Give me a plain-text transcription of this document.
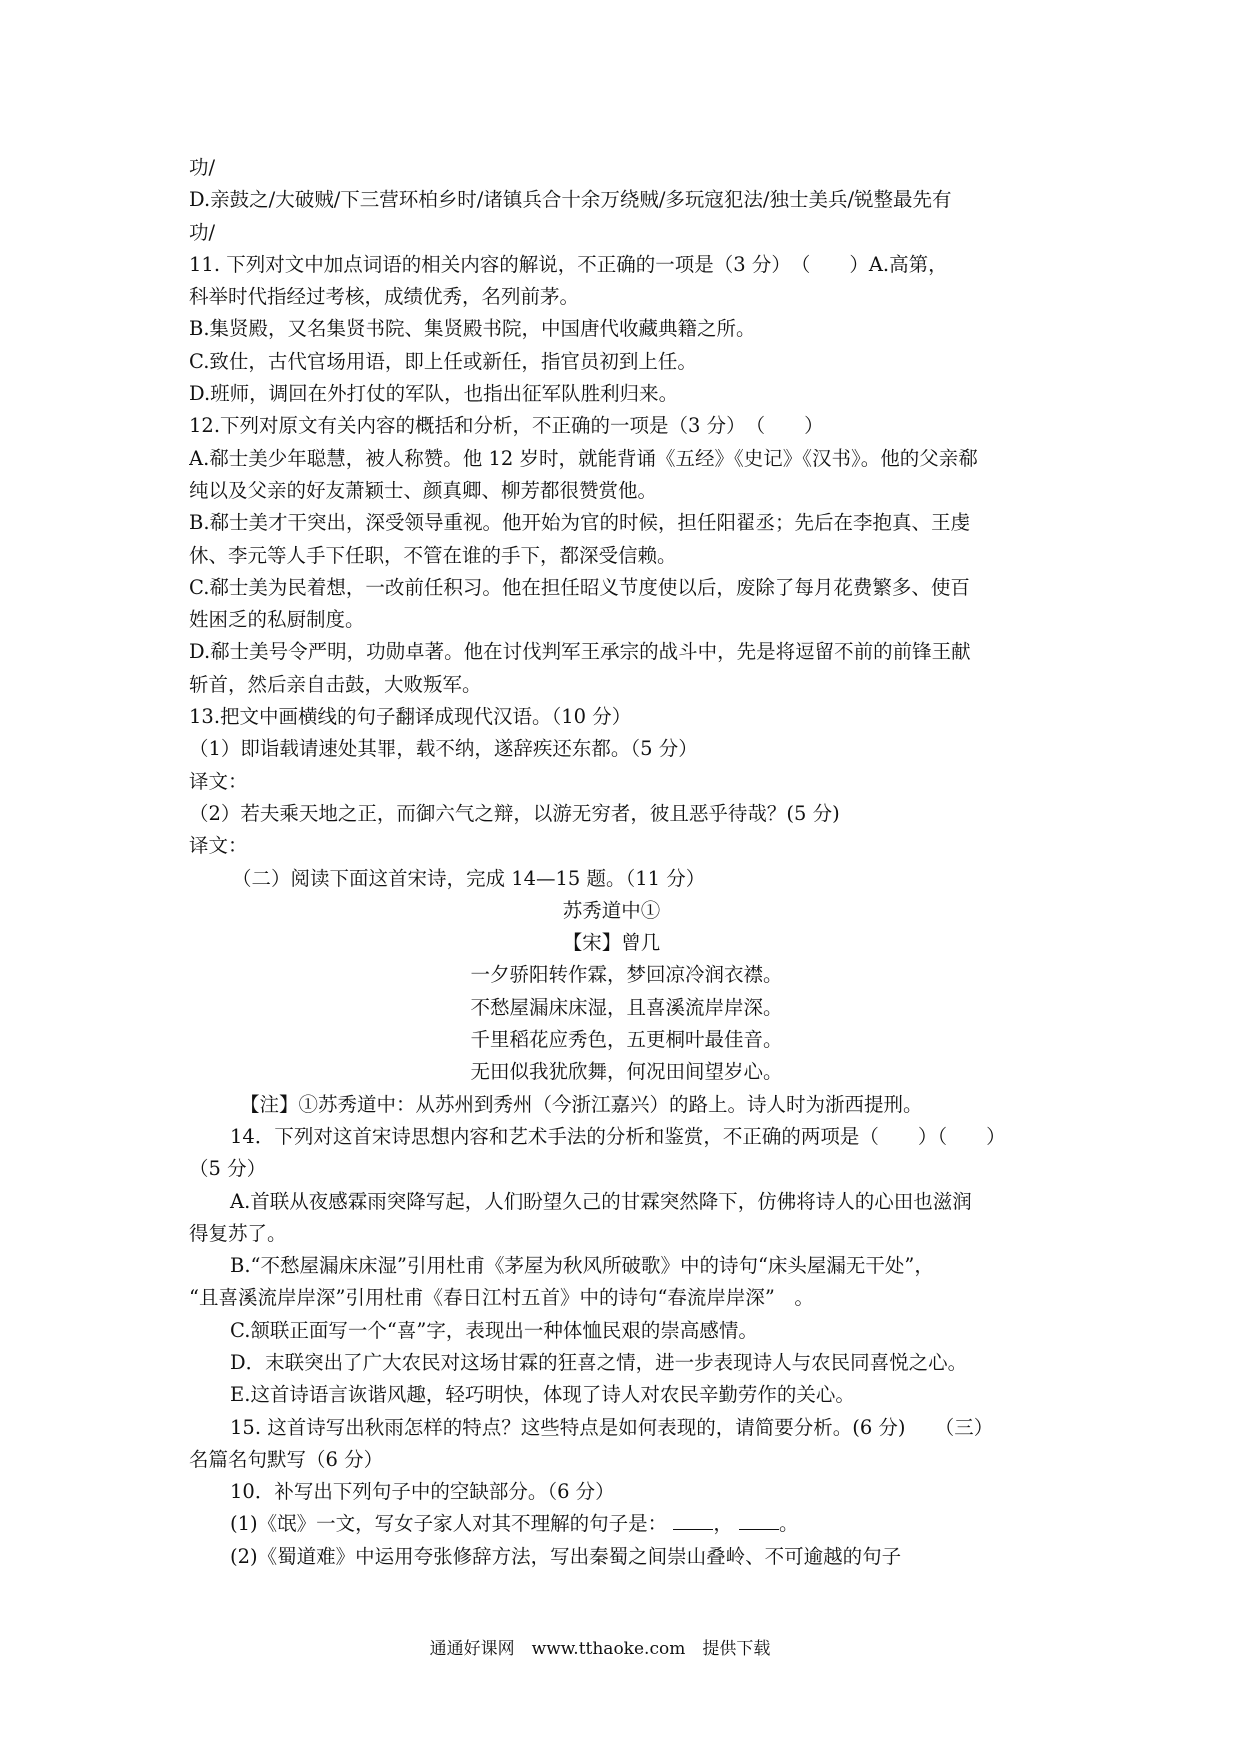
功/
D.亲鼓之/大破贼/下三营环柏乡时/诸镇兵合十余万绕贼/多玩寇犯法/独士美兵/锐整最先有
功/
11. 下列对文中加点词语的相关内容的解说，不正确的一项是（3 分）　（　　）A.高第，
科举时代指经过考核，成绩优秀，名列前茅。
B.集贤殿，又名集贤书院、集贤殿书院，中国唐代收藏典籍之所。
C.致仕，古代官场用语，即上任或新任，指官员初到上任。
D.班师，调回在外打仗的军队，也指出征军队胜利归来。
12.下列对原文有关内容的概括和分析，不正确的一项是（3 分）　（　　）
A.郗士美少年聪慧，被人称赞。他 12 岁时，就能背诵《五经》《史记》《汉书》。他的父亲郗
纯以及父亲的好友萧颖士、颜真卿、柳芳都很赞赏他。
B.郗士美才干突出，深受领导重视。他开始为官的时候，担任阳翟丞；先后在李抱真、王虔
休、李元等人手下任职，不管在谁的手下，都深受信赖。
C.郗士美为民着想，一改前任积习。他在担任昭义节度使以后，废除了每月花费繁多、使百
姓困乏的私厨制度。
D.郗士美号令严明，功勋卓著。他在讨伐判军王承宗的战斗中，先是将逗留不前的前锋王献
斩首，然后亲自击鼓，大败叛军。
13.把文中画横线的句子翻译成现代汉语。（10 分）
（1）即诣载请速处其罪，载不纳，遂辞疾还东都。（5 分）
译文：
（2）若夫乘天地之正，而御六气之辩，以游无穷者，彼且恶乎待哉？(5 分)
译文：
（二）阅读下面这首宋诗，完成 14—15 题。（11 分）
苏秀道中①
【宋】曾几
一夕骄阳转作霖，梦回凉冷润衣襟。
不愁屋漏床床湿，且喜溪流岸岸深。
千里稻花应秀色，五更桐叶最佳音。
无田似我犹欣舞，何况田间望岁心。
【注】①苏秀道中：从苏州到秀州（今浙江嘉兴）的路上。诗人时为浙西提刑。
14．下列对这首宋诗思想内容和艺术手法的分析和鉴赏，不正确的两项是（　　）（　　）
（5 分）
A.首联从夜感霖雨突降写起，人们盼望久己的甘霖突然降下，仿佛将诗人的心田也滋润
得复苏了。
B.“不愁屋漏床床湿”引用杜甫《茅屋为秋风所破歌》中的诗句“床头屋漏无干处”，
“且喜溪流岸岸深”引用杜甫《春日江村五首》中的诗句“春流岸岸深”　。
C.颔联正面写一个“喜”字，表现出一种体恤民艰的崇高感情。
D．末联突出了广大农民对这场甘霖的狂喜之情，进一步表现诗人与农民同喜悦之心。
E.这首诗语言诙谐风趣，轻巧明快，体现了诗人对农民辛勤劳作的关心。
15. 这首诗写出秋雨怎样的特点？这些特点是如何表现的，请简要分析。(6 分)　　（三）
名篇名句默写（6 分）
10．补写出下列句子中的空缺部分。（6 分）
(1)《氓》一文，写女子家人对其不理解的句子是： ， 。
(2)《蜀道难》中运用夸张修辞方法，写出秦蜀之间崇山叠岭、不可逾越的句子
通通好课网　www.tthaoke.com　提供下载
